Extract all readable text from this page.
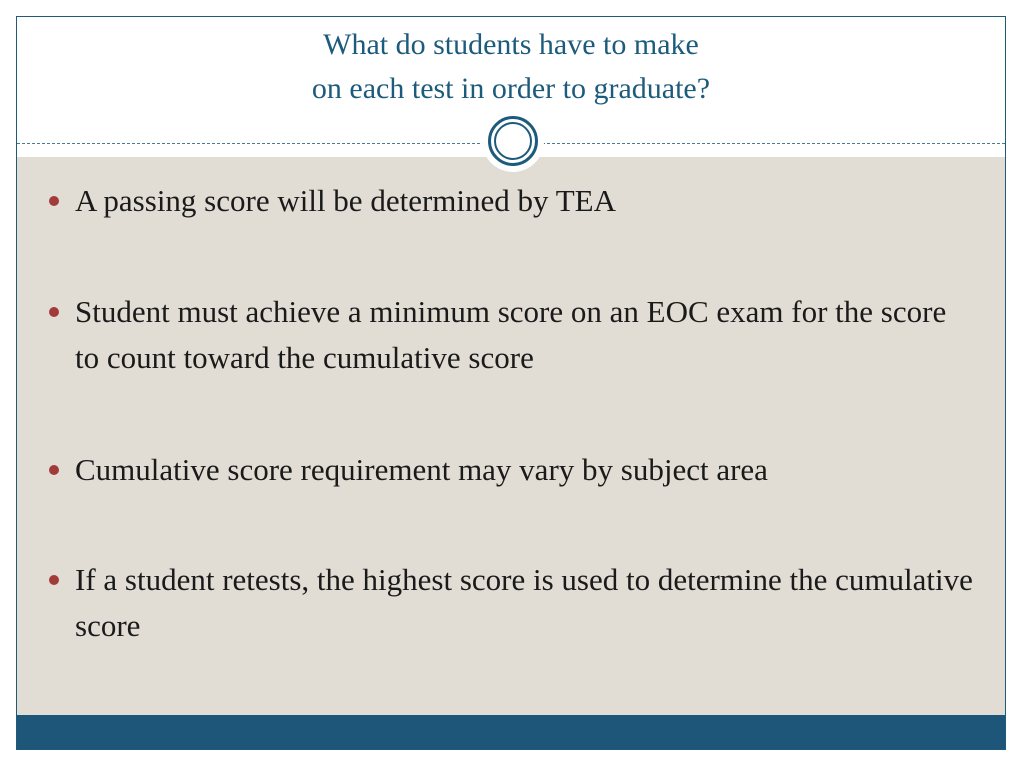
What do students have to make
on each test in order to graduate?
A passing score will be determined by TEA
Student must achieve a minimum score on an EOC exam for the score to count toward the cumulative score
Cumulative score requirement may vary by subject area
If a student retests, the highest score is used to determine the cumulative score
